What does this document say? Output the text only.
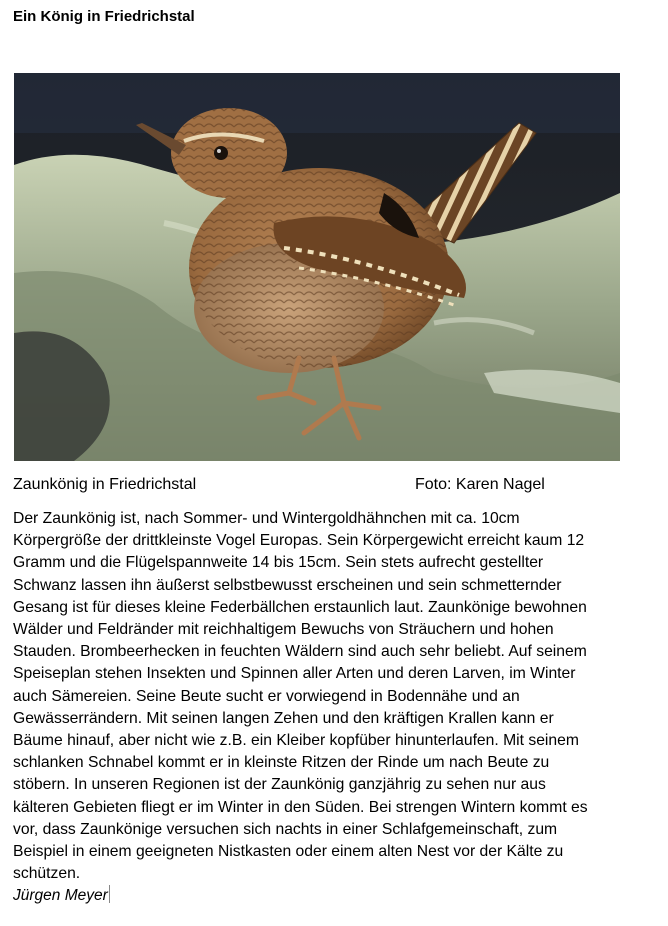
Ein König in Friedrichstal
Zaunkönig in Friedrichstal	Foto: Karen Nagel
Der Zaunkönig ist, nach Sommer- und Wintergoldhähnchen mit ca. 10cm
Körpergröße der drittkleinste Vogel Europas. Sein Körpergewicht erreicht kaum 12
Gramm und die Flügelspannweite 14 bis 15cm. Sein stets aufrecht gestellter
Schwanz lassen ihn äußerst selbstbewusst erscheinen und sein schmetternder
Gesang ist für dieses kleine Federbällchen erstaunlich laut. Zaunkönige bewohnen
Wälder und Feldränder mit reichhaltigem Bewuchs von Sträuchern und hohen
Stauden. Brombeerhecken in feuchten Wäldern sind auch sehr beliebt. Auf seinem
Speiseplan stehen Insekten und Spinnen aller Arten und deren Larven, im Winter
auch Sämereien. Seine Beute sucht er vorwiegend in Bodennähe und an
Gewässerrändern. Mit seinen langen Zehen und den kräftigen Krallen kann er
Bäume hinauf, aber nicht wie z.B. ein Kleiber kopfüber hinunterlaufen. Mit seinem
schlanken Schnabel kommt er in kleinste Ritzen der Rinde um nach Beute zu
stöbern. In unseren Regionen ist der Zaunkönig ganzjährig zu sehen nur aus
kälteren Gebieten fliegt er im Winter in den Süden. Bei strengen Wintern kommt es
vor, dass Zaunkönige versuchen sich nachts in einer Schlafgemeinschaft, zum
Beispiel in einem geeigneten Nistkasten oder einem alten Nest vor der Kälte zu
schützen.
Jürgen Meyer
